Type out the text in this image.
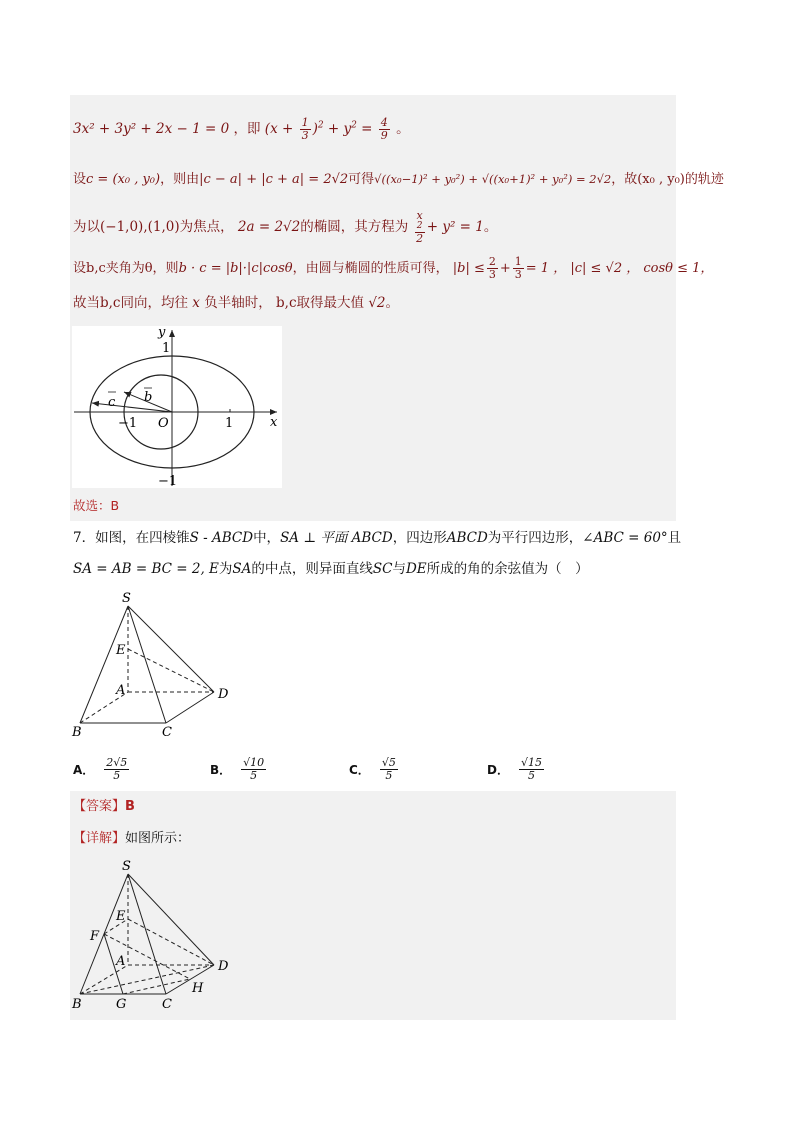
3x² + 3y² + 2x − 1 = 0 ，即 $(x + \frac{1}{3} )^2 + y^2 = \frac{4}{9}$ 。
设c = (x₀ , y₀)，则由|c − a| + |c + a| = 2√2可得√((x₀−1)² + y₀²) + √((x₀+1)² + y₀²) = 2√2，故(x₀ , y₀)的轨迹
为以(−1,0),(1,0)为焦点， 2a = 2√2的椭圆，其方程为 x
2
2 + y² = 1。
设b,c夹角为θ，则b · c = |b|·|c|cosθ，由圆与椭圆的性质可得， $|b| \le \frac{2}{3} + \frac{1}{3} = 1$ ， |c| ≤ √2 ， cosθ ≤ 1，
故当b,c同向，均往 x 负半轴时， b,c取得最大值 √2。
y
x
1
−1
O
b
c
−1	1
故选：B
7．如图，在四棱锥S - ABCD中，SA ⊥ 平面 ABCD，四边形ABCD为平行四边形，∠ABC = 60°且
SA = AB = BC = 2, E为SA的中点，则异面直线SC与DE所成的角的余弦值为（　）
S
E
A	D
B	C
A． $\frac{2√5}{5}$	B． $\frac{√10}{5}$	C． $\frac{√5}{5}$	D． $\frac{√15}{5}$
【答案】B
【详解】如图所示：
S
E
F
A	D
H
B	G	C
